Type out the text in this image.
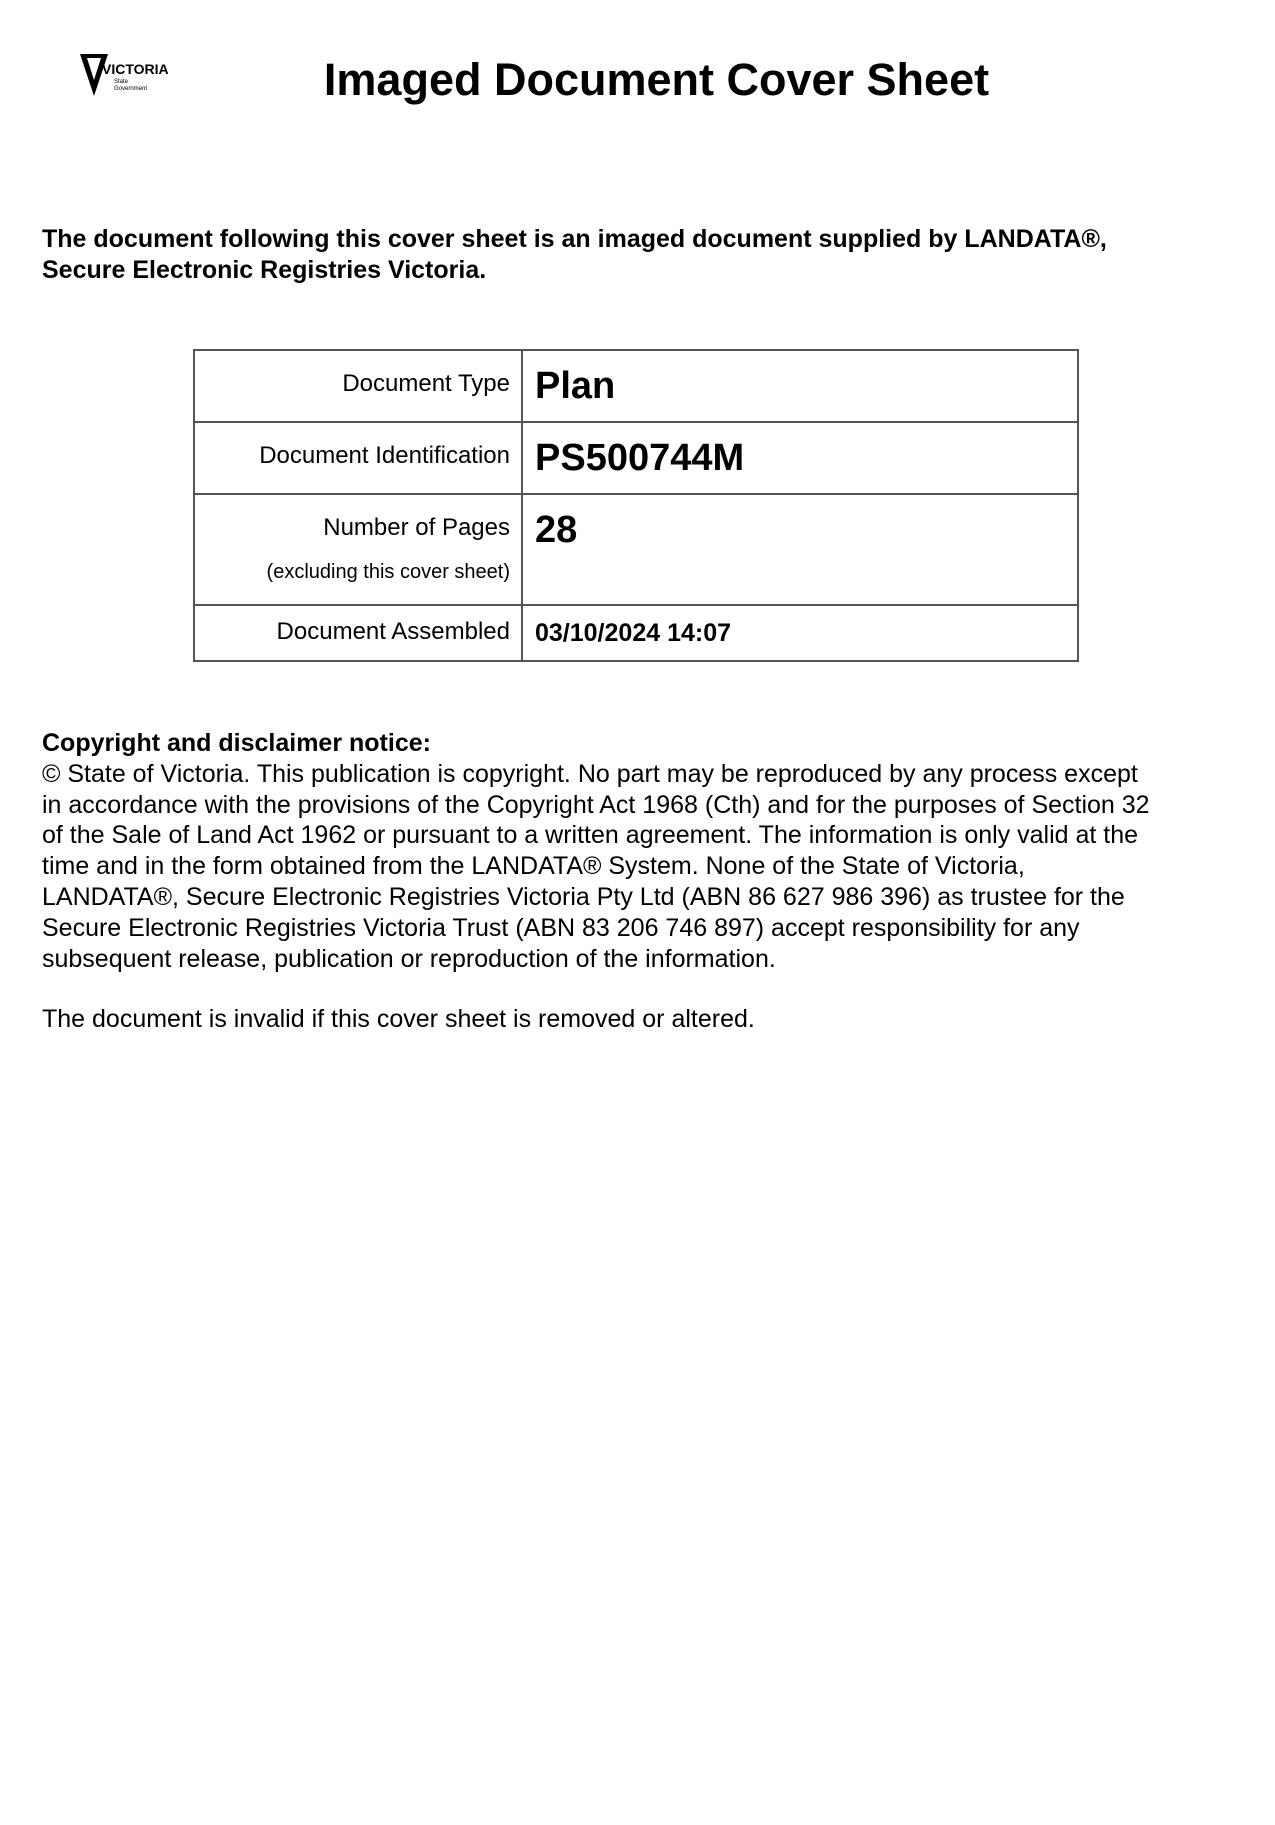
VICTORIA
State
Government	Imaged Document Cover Sheet
The document following this cover sheet is an imaged document supplied by LANDATA®,
Secure Electronic Registries Victoria.
Document Type	Plan

Document Identification	PS500744M

Number of Pages
(excluding this cover sheet)	28

Document Assembled	03/10/2024 14:07
Copyright and disclaimer notice:
© State of Victoria. This publication is copyright. No part may be reproduced by any process except
in accordance with the provisions of the Copyright Act 1968 (Cth) and for the purposes of Section 32
of the Sale of Land Act 1962 or pursuant to a written agreement. The information is only valid at the
time and in the form obtained from the LANDATA® System. None of the State of Victoria,
LANDATA®, Secure Electronic Registries Victoria Pty Ltd (ABN 86 627 986 396) as trustee for the
Secure Electronic Registries Victoria Trust (ABN 83 206 746 897) accept responsibility for any
subsequent release, publication or reproduction of the information.
The document is invalid if this cover sheet is removed or altered.
